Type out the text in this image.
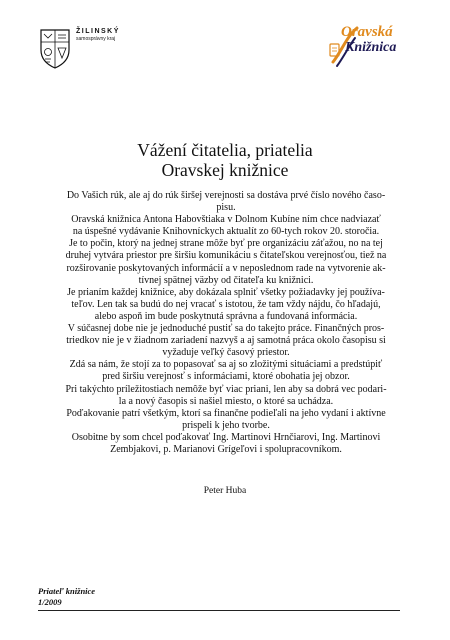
ŽILINSKÝ
samosprávny kraj	Oravská
Knižnica
Vážení čitatelia, priatelia
Oravskej knižnice
Do Vašich rúk, ale aj do rúk širšej verejnosti sa dostáva prvé číslo nového časo-
pisu.
Oravská knižnica Antona Habovštiaka v Dolnom Kubíne ním chce nadviazať
na úspešné vydávanie Knihovníckych aktualít zo 60-tych rokov 20. storočia.
Je to počin, ktorý na jednej strane môže byť pre organizáciu záťažou, no na tej
druhej vytvára priestor pre širšiu komunikáciu s čitateľskou verejnosťou, tiež na
rozširovanie poskytovaných informácií a v neposlednom rade na vytvorenie ak-
tívnej spätnej väzby od čitateľa ku knižnici.
Je prianím každej knižnice, aby dokázala splniť všetky požiadavky jej používa-
teľov. Len tak sa budú do nej vracať s istotou, že tam vždy nájdu, čo hľadajú,
alebo aspoň im bude poskytnutá správna a fundovaná informácia.
V súčasnej dobe nie je jednoduché pustiť sa do takejto práce. Finančných pros-
triedkov nie je v žiadnom zariadení nazvyš a aj samotná práca okolo časopisu si
vyžaduje veľký časový priestor.
Zdá sa nám, že stojí za to popasovať sa aj so zložitými situáciami a predstúpiť
pred širšiu verejnosť s informáciami, ktoré obohatia jej obzor.
Pri takýchto príležitostiach nemôže byť viac priani, len aby sa dobrá vec podari-
la a nový časopis si našiel miesto, o ktoré sa uchádza.
Poďakovanie patrí všetkým, ktorí sa finančne podieľali na jeho vydaní i aktívne
prispeli k jeho tvorbe.
Osobitne by som chcel poďakovať Ing. Martinovi Hrnčiarovi, Ing. Martinovi
Zembjakovi, p. Marianovi Grígeľovi i spolupracovníkom.
Peter Huba
Priateľ knižnice
1/2009
